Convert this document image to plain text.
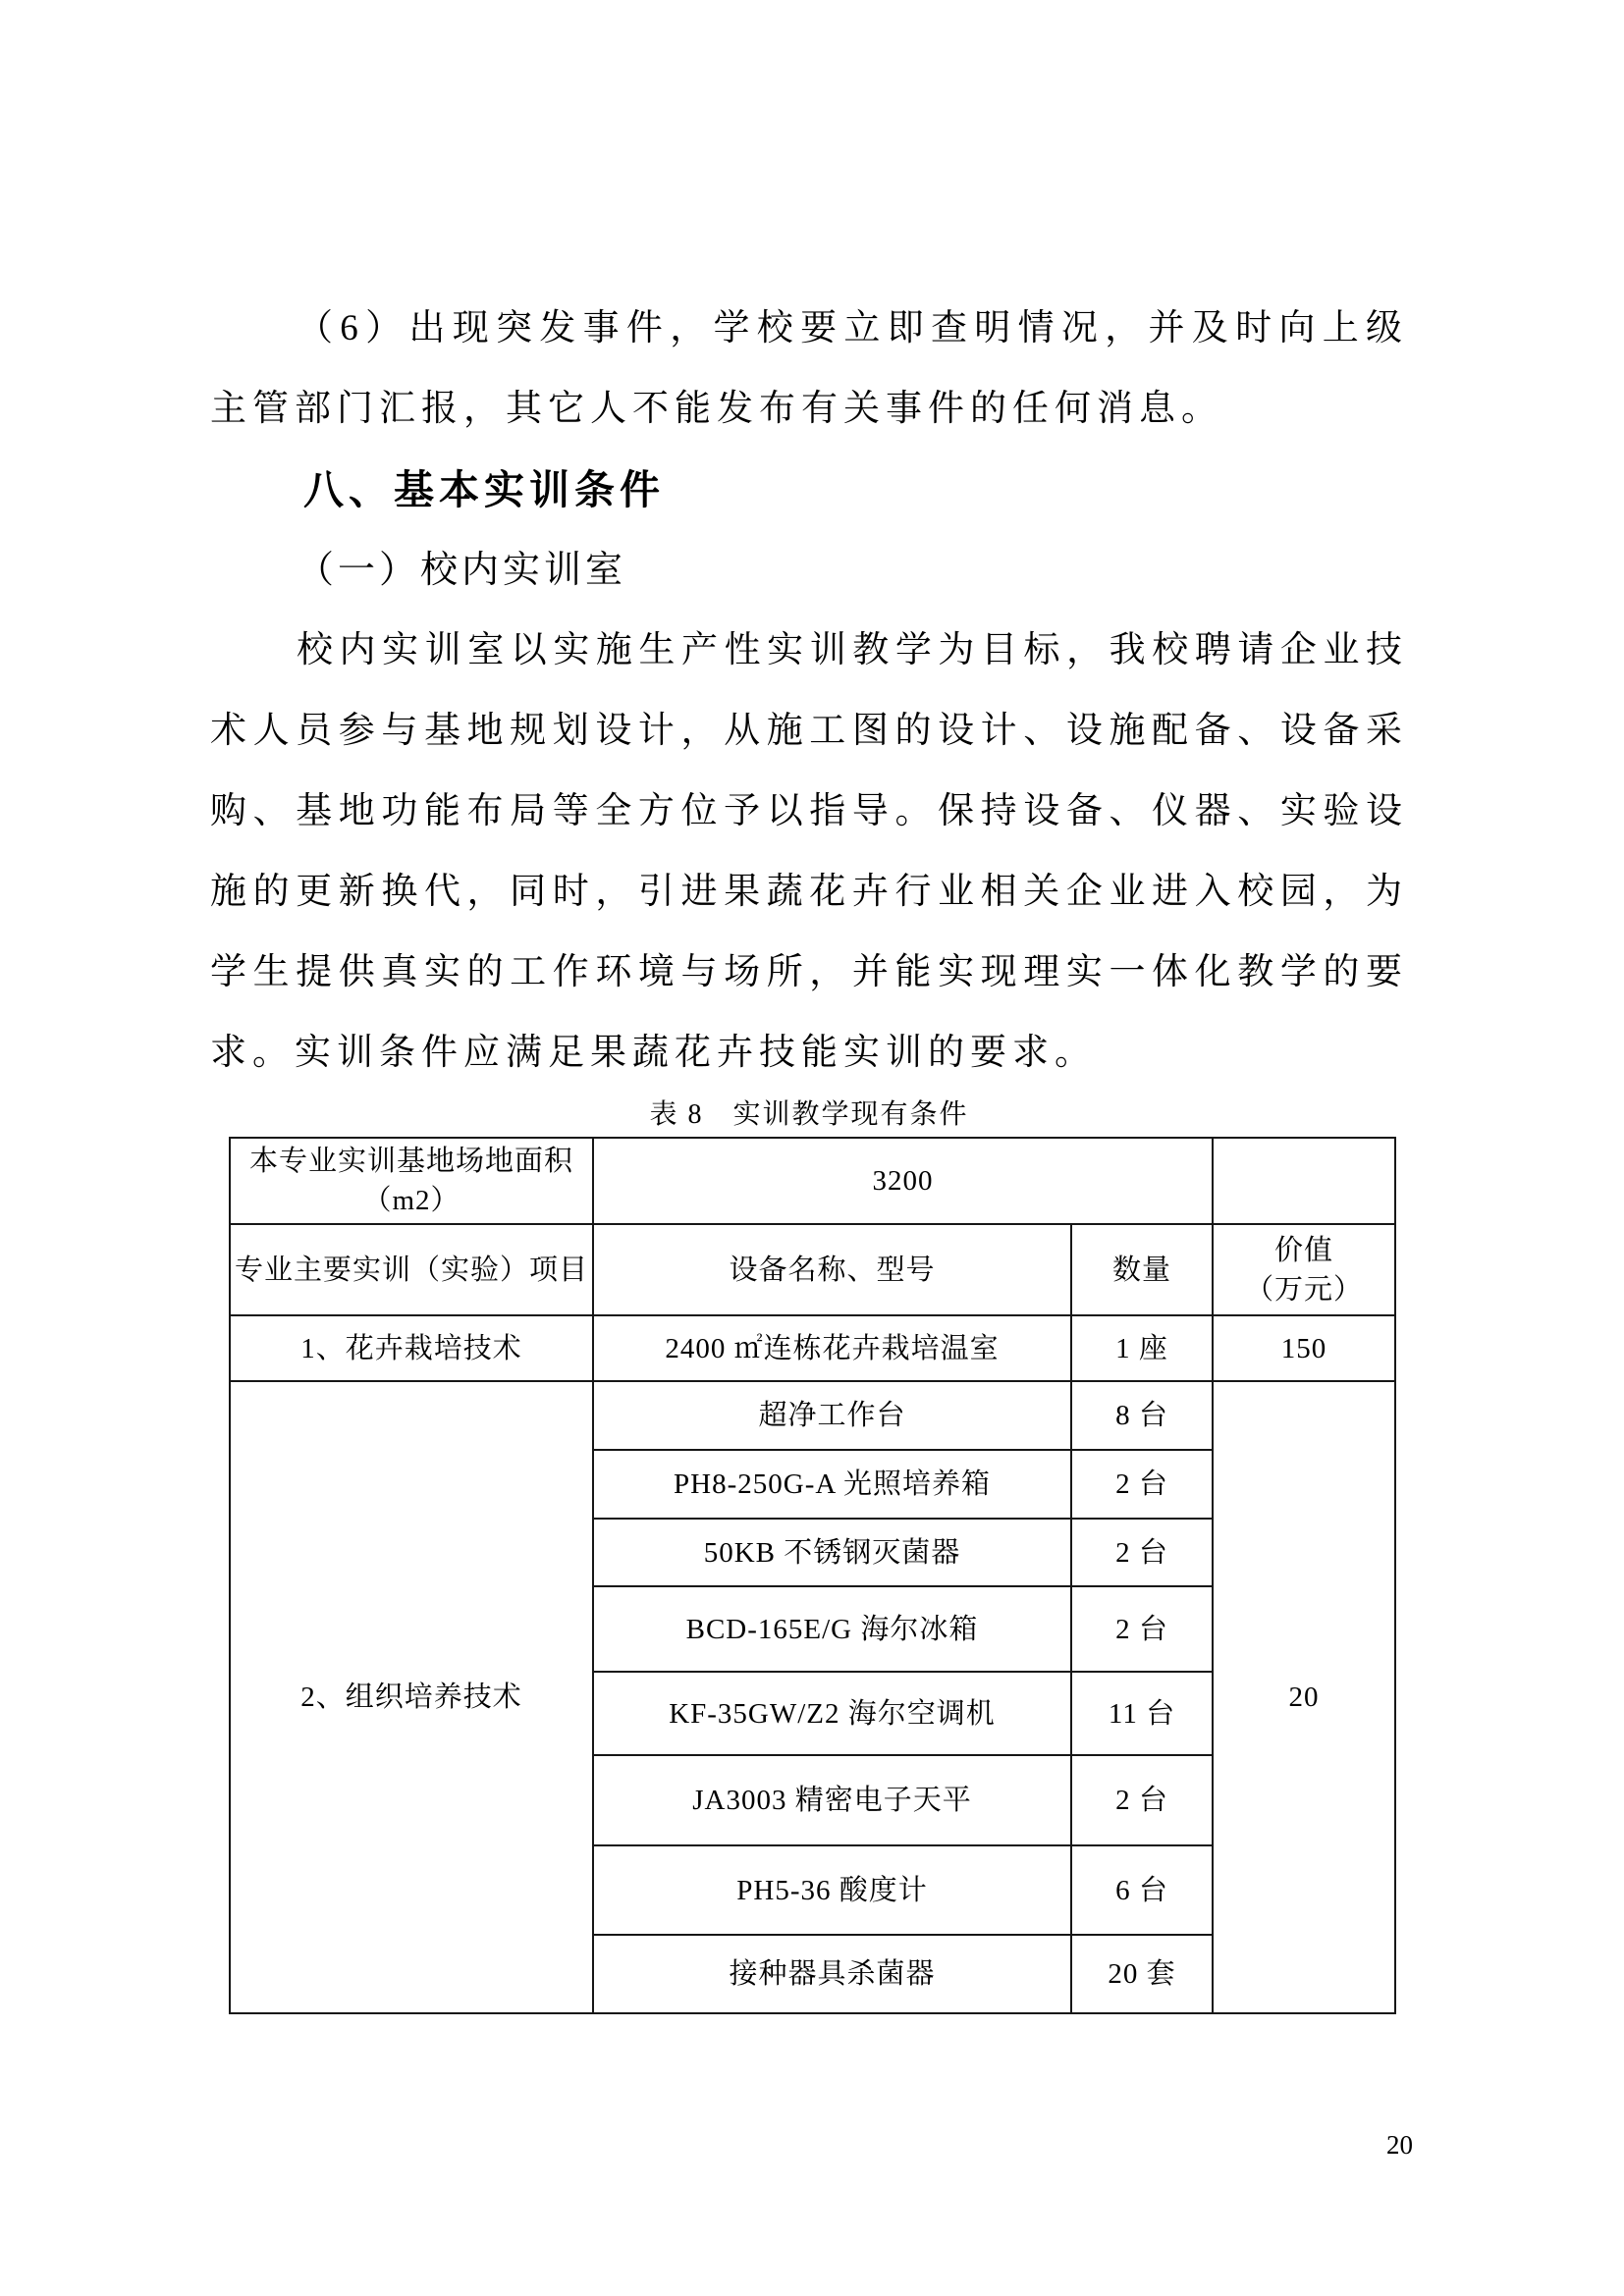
（6）出现突发事件，学校要立即查明情况，并及时向上级
主管部门汇报，其它人不能发布有关事件的任何消息。

八、基本实训条件
（一）校内实训室

校内实训室以实施生产性实训教学为目标，我校聘请企业技
术人员参与基地规划设计，从施工图的设计、设施配备、设备采
购、基地功能布局等全方位予以指导。保持设备、仪器、实验设
施的更新换代，同时，引进果蔬花卉行业相关企业进入校园，为
学生提供真实的工作环境与场所，并能实现理实一体化教学的要
求。实训条件应满足果蔬花卉技能实训的要求。

表 8　实训教学现有条件
本专业实训基地场地面积
（m2）	3200		
专业主要实训（实验）项目	设备名称、型号	数量	价值
（万元）

1、花卉栽培技术	2400 ㎡连栋花卉栽培温室	1 座	150
2、组织培养技术	超净工作台	8 台	20
	PH8-250G-A 光照培养箱	2 台	
	50KB 不锈钢灭菌器	2 台	
	BCD-165E/G 海尔冰箱	2 台	
	KF-35GW/Z2 海尔空调机	11 台	
	JA3003 精密电子天平	2 台	
	PH5-36 酸度计	6 台	
	接种器具杀菌器	20 套	
20
